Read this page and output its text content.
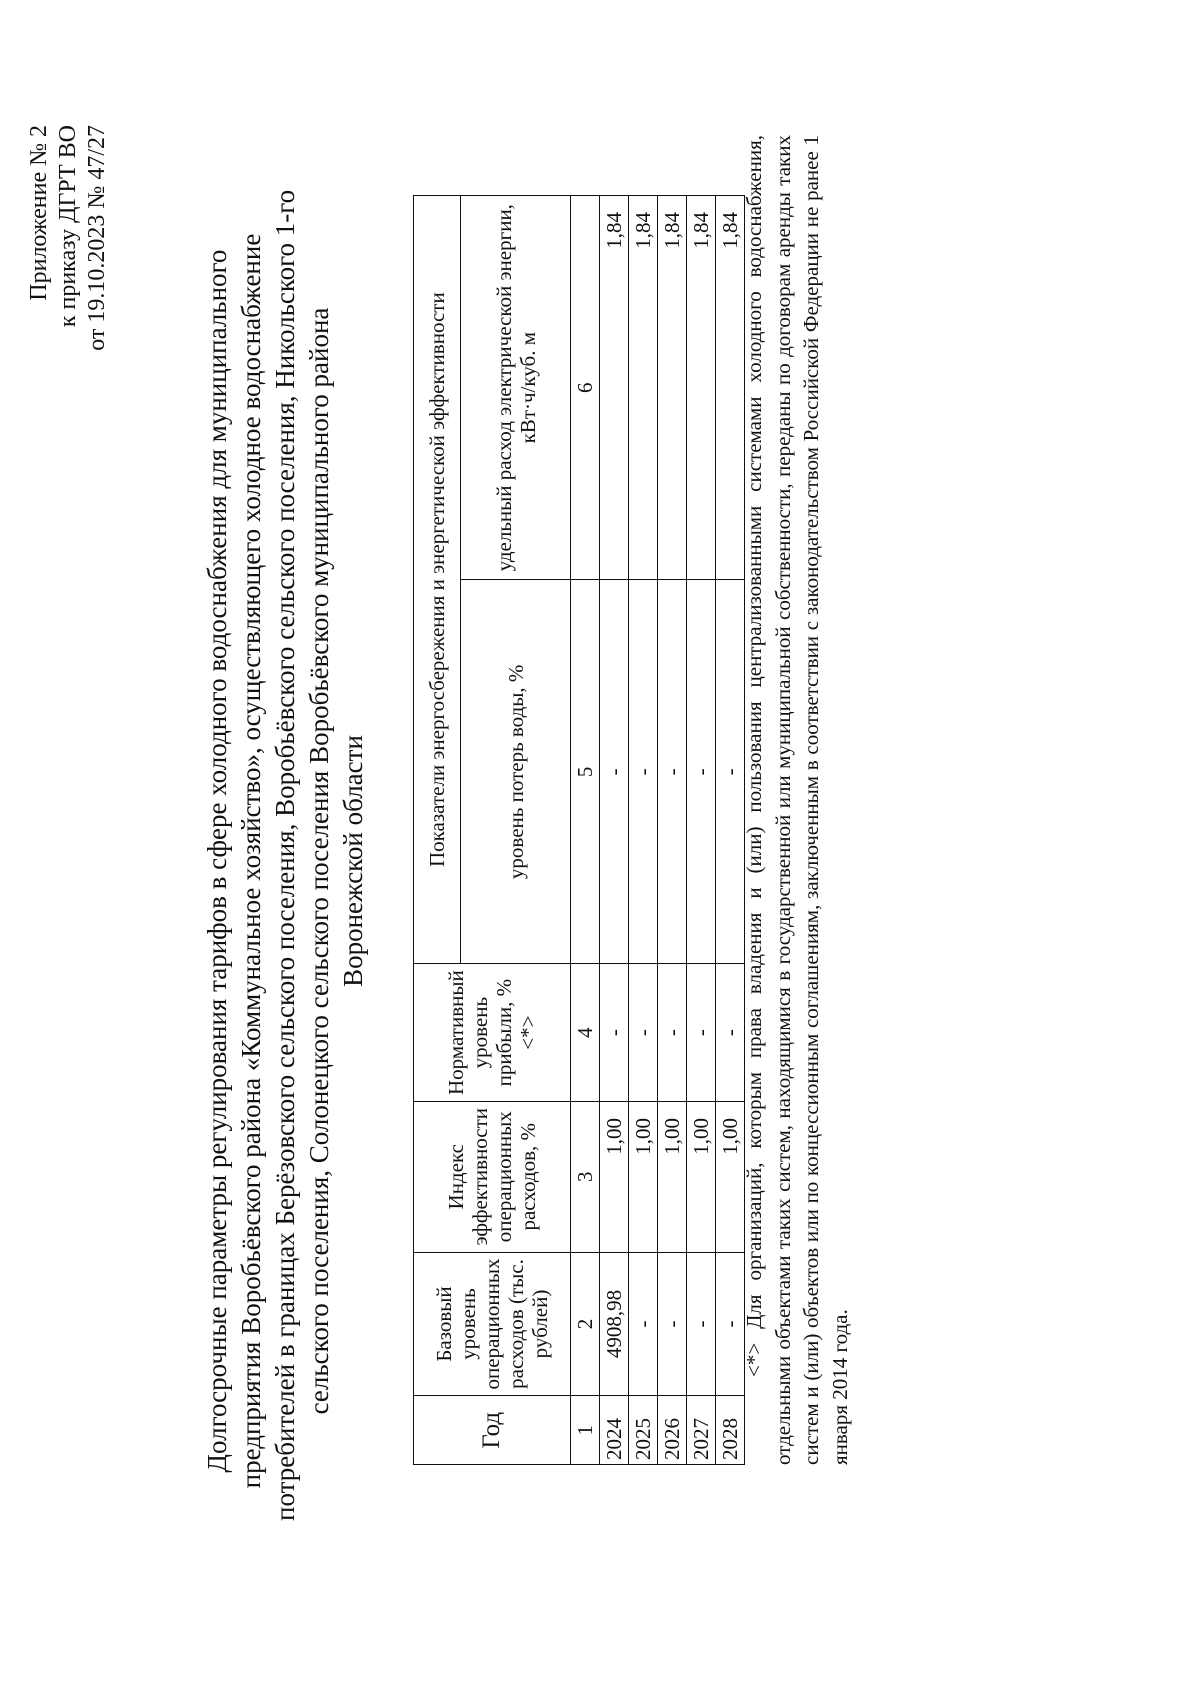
Приложение № 2 к приказу ДГРТ ВО от 19.10.2023 № 47/27
Долгосрочные параметры регулирования тарифов в сфере холодного водоснабжения для муниципального предприятия Воробьёвского района «Коммунальное хозяйство», осуществляющего холодное водоснабжение потребителей в границах Берёзовского сельского поселения, Воробьёвского сельского поселения, Никольского 1-го сельского поселения, Солонецкого сельского поселения Воробьёвского муниципального района Воронежской области
Год	Базовый уровень операционных расходов (тыс. рублей)	Индекс эффективности операционных расходов, %	Нормативный уровень прибыли, % <*>	Показатели энергосбережения и энергетической эффективности	
				уровень потерь воды, %	удельный расход электрической энергии, кВт·ч/куб. м
1	2	3	4	5	6
2024	4908,98	1,00	-	-	1,84
2025	-	1,00	-	-	1,84
2026	-	1,00	-	-	1,84
2027	-	1,00	-	-	1,84
2028	-	1,00	-	-	1,84 <*> Для организаций, которым права владения и (или) пользования централизованными системами холодного водоснабжения, отдельными объектами таких систем, находящимися в государственной или муниципальной собственности, переданы по договорам аренды таких систем и (или) объектов или по концессионным соглашениям, заключенным в соответствии с законодательством Российской Федерации не ранее 1 января 2014 года.
